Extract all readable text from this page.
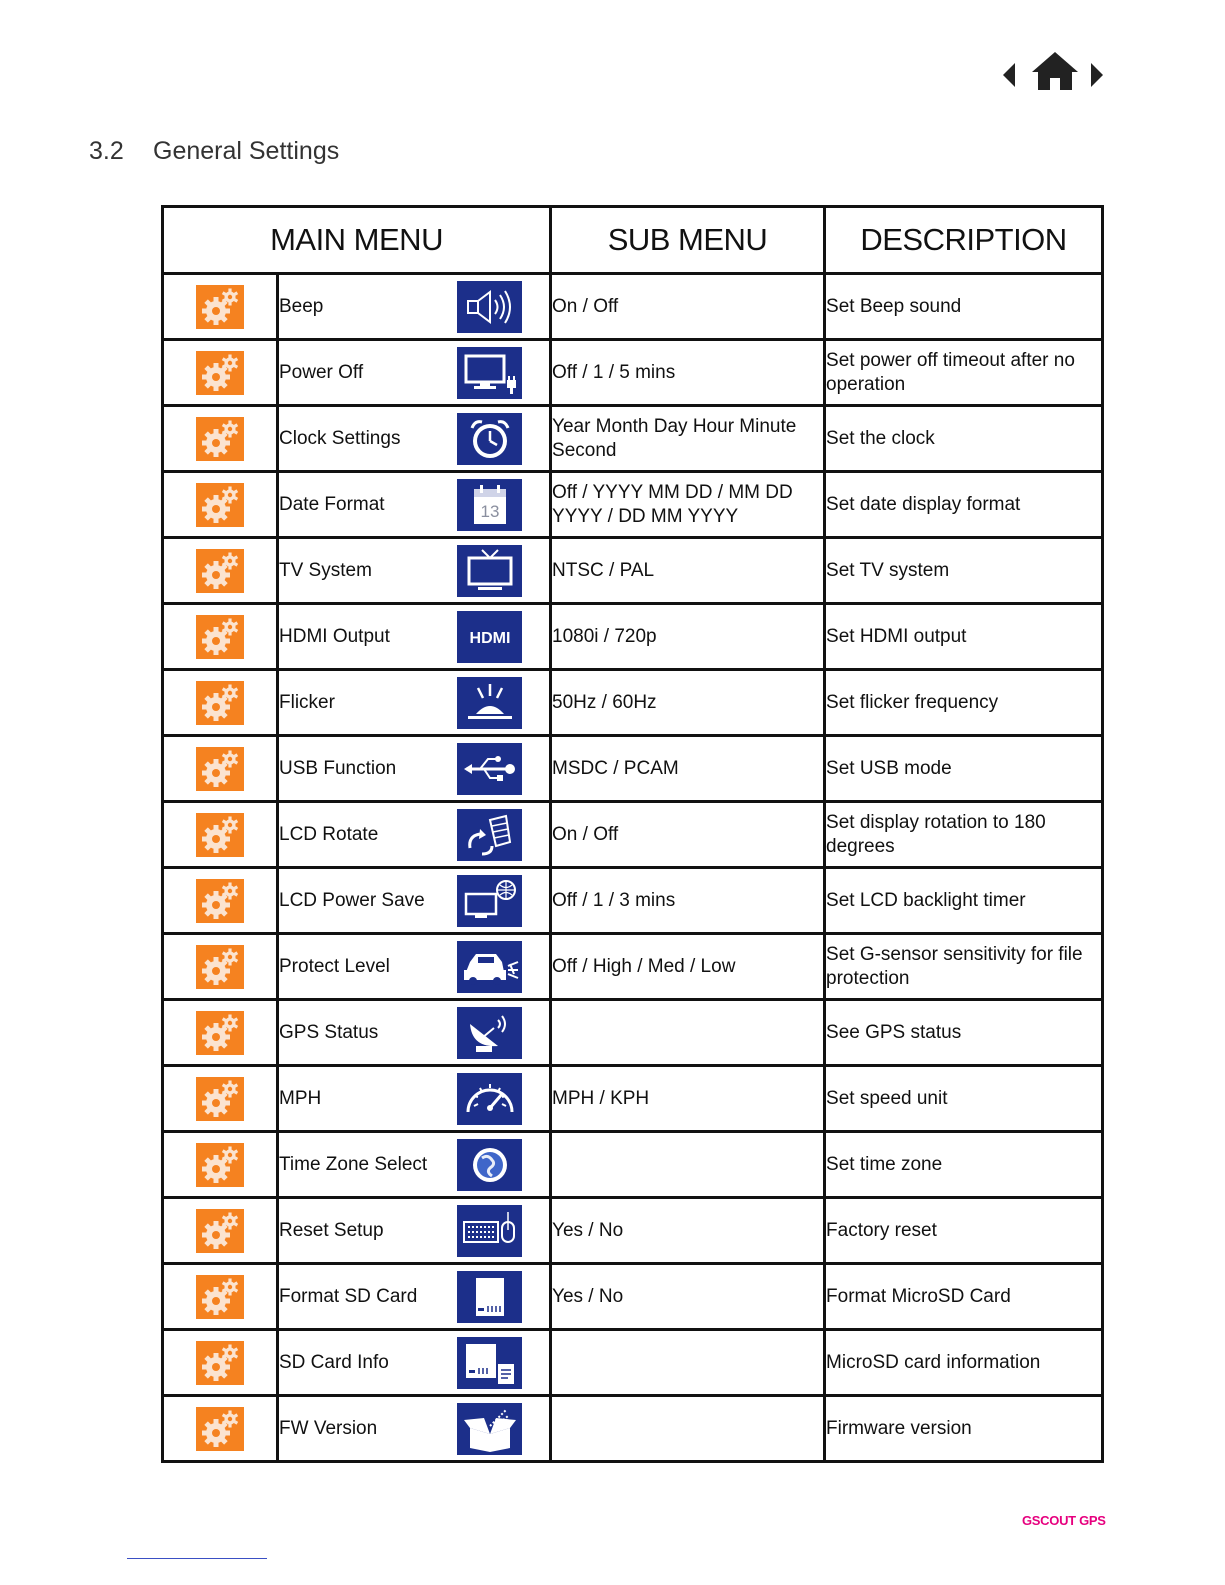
3.2 General Settings
MAIN MENU		SUB MENU	DESCRIPTION

Beep	On / Off	Set Beep sound

Power Off	Off / 1 / 5 mins	Set power off timeout after no operation

Clock Settings	Year Month Day Hour Minute Second	Set the clock

Date Format 13	Off / YYYY MM DD / MM DD YYYY / DD MM YYYY	Set date display format

TV System	NTSC / PAL	Set TV system

HDMI Output HDMI	1080i / 720p	Set HDMI output

Flicker	50Hz / 60Hz	Set flicker frequency

USB Function	MSDC / PCAM	Set USB mode

LCD Rotate	On / Off	Set display rotation to 180 degrees

LCD Power Save	Off / 1 / 3 mins	Set LCD backlight timer

Protect Level	Off / High / Med / Low	Set G-sensor sensitivity for file protection

GPS Status		See GPS status

MPH	MPH / KPH	Set speed unit

Time Zone Select		Set time zone

Reset Setup	Yes / No	Factory reset

Format SD Card	Yes / No	Format MicroSD Card

SD Card Info		MicroSD card information

FW Version		Firmware version
GSCOUT GPS
